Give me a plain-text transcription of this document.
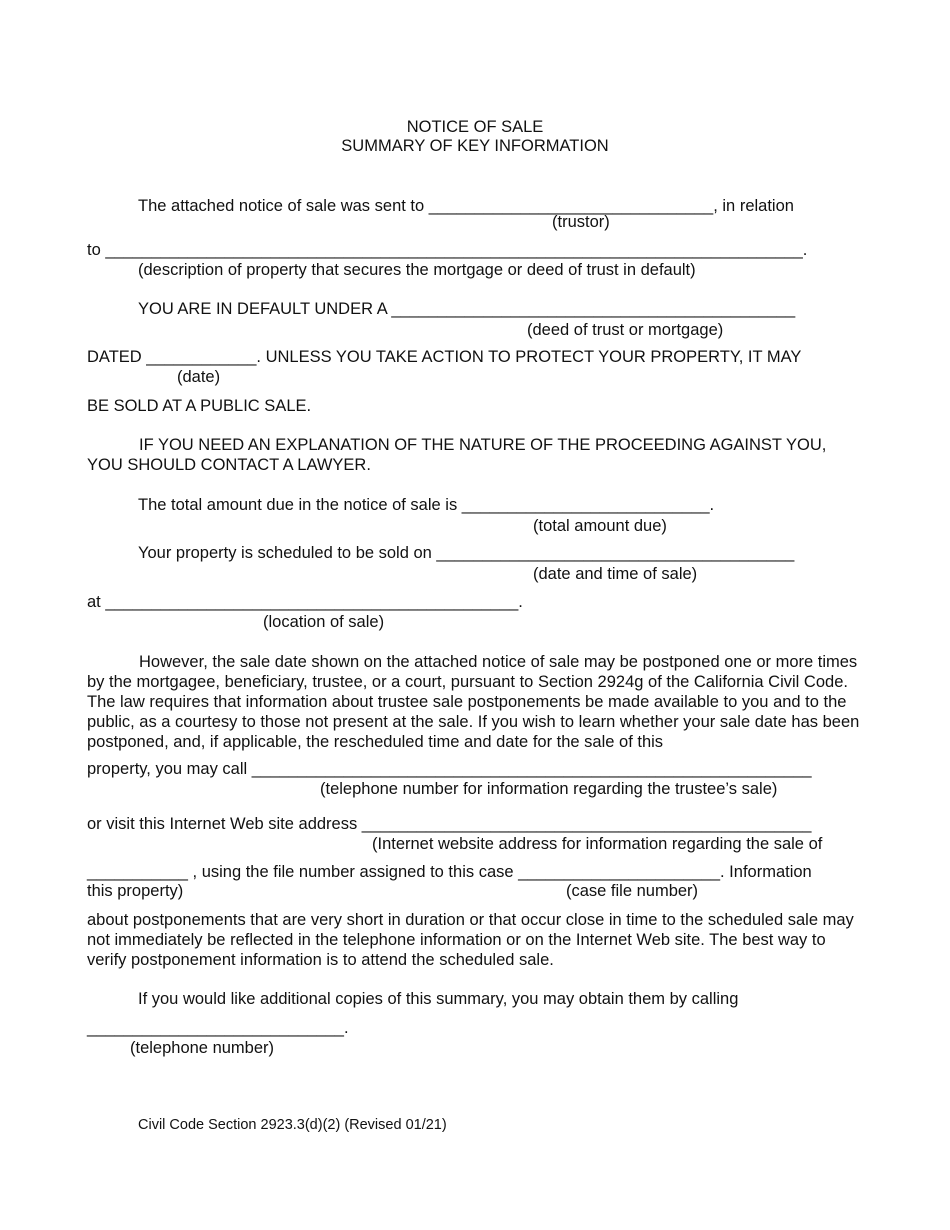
NOTICE OF SALE
SUMMARY OF KEY INFORMATION
The attached notice of sale was sent to _______________________________, in relation
(trustor)
to ____________________________________________________________________________.
(description of property that secures the mortgage or deed of trust in default)
YOU ARE IN DEFAULT UNDER A ____________________________________________
(deed of trust or mortgage)
DATED ____________. UNLESS YOU TAKE ACTION TO PROTECT YOUR PROPERTY, IT MAY
(date)
BE SOLD AT A PUBLIC SALE.
IF YOU NEED AN EXPLANATION OF THE NATURE OF THE PROCEEDING AGAINST YOU, YOU SHOULD CONTACT A LAWYER.
The total amount due in the notice of sale is ___________________________.
(total amount due)
Your property is scheduled to be sold on _______________________________________
(date and time of sale)
at _____________________________________________.
(location of sale)
However, the sale date shown on the attached notice of sale may be postponed one or more times by the mortgagee, beneficiary, trustee, or a court, pursuant to Section 2924g of the California Civil Code. The law requires that information about trustee sale postponements be made available to you and to the public, as a courtesy to those not present at the sale. If you wish to learn whether your sale date has been postponed, and, if applicable, the rescheduled time and date for the sale of this
property, you may call _____________________________________________________________
(telephone number for information regarding the trustee’s sale)
or visit this Internet Web site address _________________________________________________
(Internet website address for information regarding the sale of
___________ , using the file number assigned to this case ______________________. Information
this property)	(case file number)
about postponements that are very short in duration or that occur close in time to the scheduled sale may not immediately be reflected in the telephone information or on the Internet Web site. The best way to verify postponement information is to attend the scheduled sale.
If you would like additional copies of this summary, you may obtain them by calling
____________________________.
(telephone number)
Civil Code Section 2923.3(d)(2) (Revised 01/21)
